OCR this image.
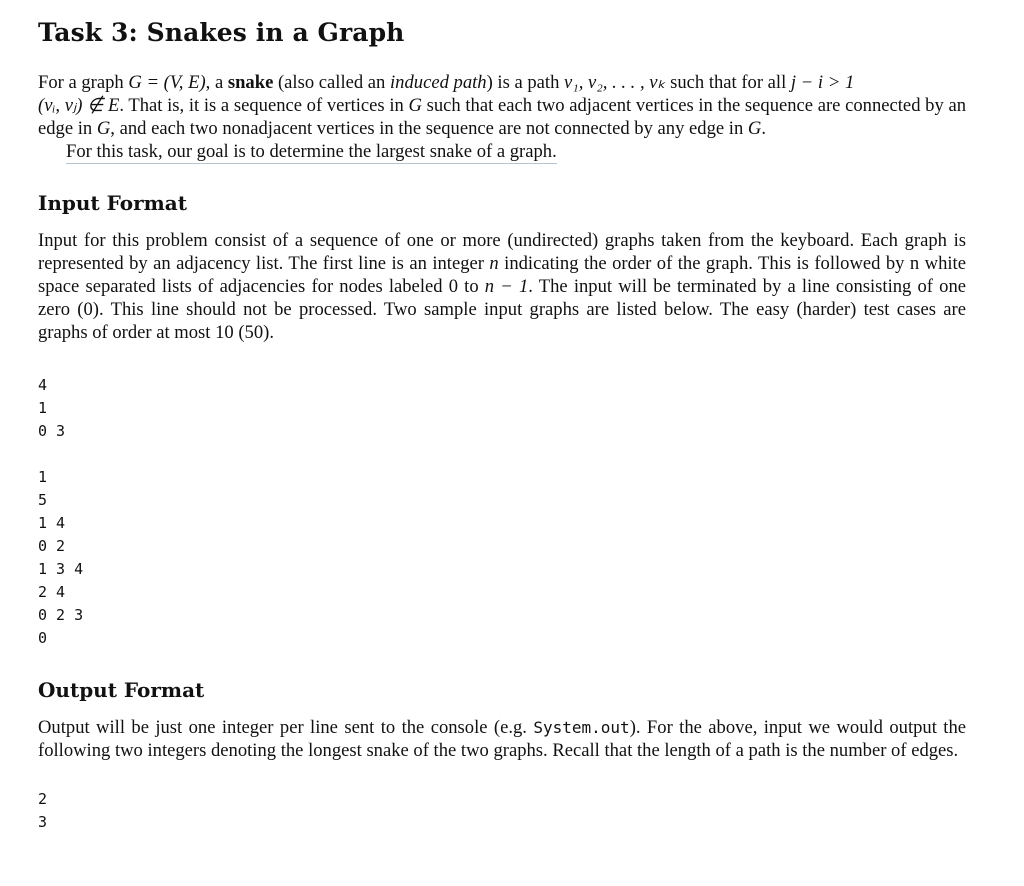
Task 3: Snakes in a Graph

For a graph G = (V, E), a snake (also called an induced path) is a path v₁, v₂, . . . , vₖ such that for all j − i > 1
(vᵢ, vⱼ) ∉ E. That is, it is a sequence of vertices in G such that each two adjacent vertices in the sequence are connected by an edge in G, and each two nonadjacent vertices in the sequence are not connected by any edge in G.

For this task, our goal is to determine the largest snake of a graph.

Input Format

Input for this problem consist of a sequence of one or more (undirected) graphs taken from the keyboard. Each graph is represented by an adjacency list. The first line is an integer n indicating the order of the graph. This is followed by n white space separated lists of adjacencies for nodes labeled 0 to n − 1. The input will be terminated by a line consisting of one zero (0). This line should not be processed. Two sample input graphs are listed below. The easy (harder) test cases are graphs of order at most 10 (50).

4
1
0 3
1
5
1 4
0 2
1 3 4
2 4
0 2 3
0
Output Format

Output will be just one integer per line sent to the console (e.g. System.out). For the above, input we would output the following two integers denoting the longest snake of the two graphs. Recall that the length of a path is the number of edges.

2
3
